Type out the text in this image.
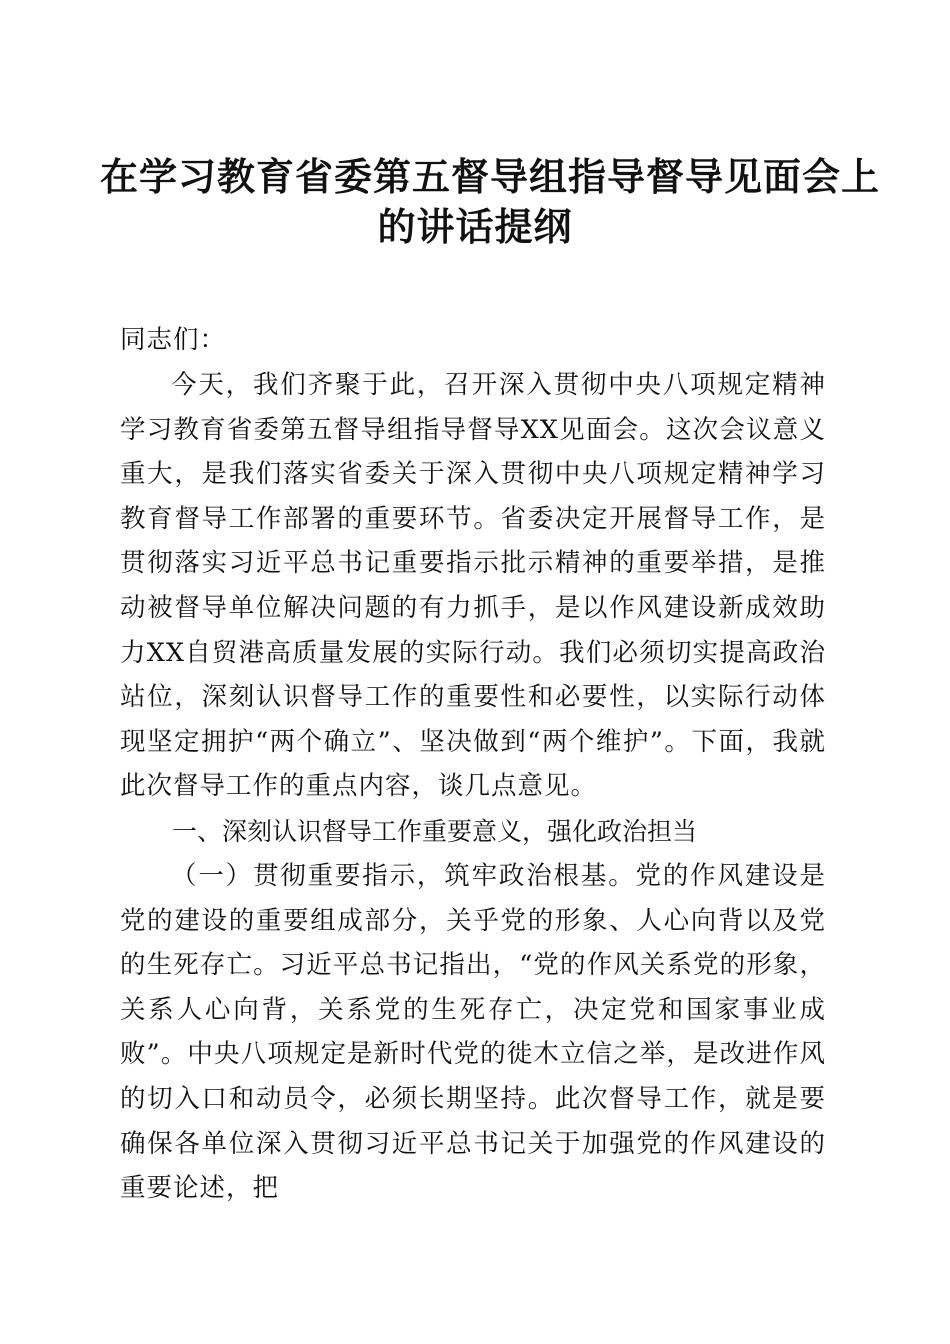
在学习教育省委第五督导组指导督导见面会上
的讲话提纲
同志们：

今天，我们齐聚于此，召开深入贯彻中央八项规定精神学习教育省委第五督导组指导督导XX见面会。这次会议意义重大，是我们落实省委关于深入贯彻中央八项规定精神学习教育督导工作部署的重要环节。省委决定开展督导工作，是贯彻落实习近平总书记重要指示批示精神的重要举措，是推动被督导单位解决问题的有力抓手，是以作风建设新成效助力XX自贸港高质量发展的实际行动。我们必须切实提高政治站位，深刻认识督导工作的重要性和必要性，以实际行动体现坚定拥护“两个确立”、坚决做到“两个维护”。下面，我就此次督导工作的重点内容，谈几点意见。

一、深刻认识督导工作重要意义，强化政治担当

（一）贯彻重要指示，筑牢政治根基。党的作风建设是党的建设的重要组成部分，关乎党的形象、人心向背以及党的生死存亡。习近平总书记指出，“党的作风关系党的形象，关系人心向背，关系党的生死存亡，决定党和国家事业成败”。中央八项规定是新时代党的徙木立信之举，是改进作风的切入口和动员令，必须长期坚持。此次督导工作，就是要确保各单位深入贯彻习近平总书记关于加强党的作风建设的重要论述，把
